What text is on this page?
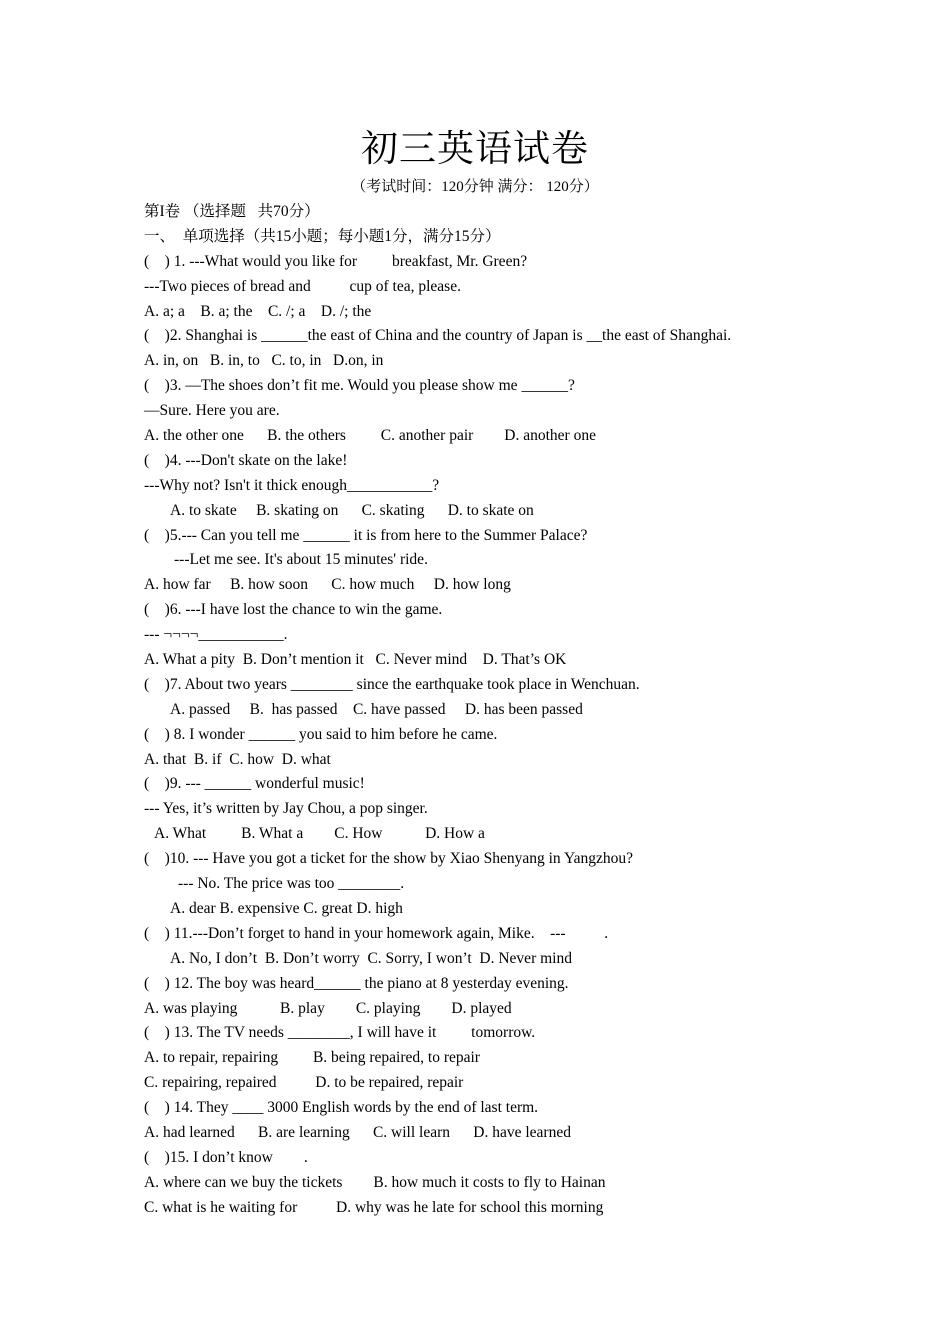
初三英语试卷
（考试时间：120分钟 满分： 120分）
第I卷 （选择题   共70分）
一、  单项选择（共15小题；每小题1分，满分15分）
(    ) 1. ---What would you like for         breakfast, Mr. Green?
---Two pieces of bread and          cup of tea, please.
A. a; a    B. a; the    C. /; a    D. /; the
(    )2. Shanghai is ______the east of China and the country of Japan is __the east of Shanghai.
A. in, on   B. in, to   C. to, in   D.on, in
(    )3. —The shoes don’t fit me. Would you please show me ______?
—Sure. Here you are.
A. the other one      B. the others         C. another pair        D. another one
(    )4. ---Don't skate on the lake!
---Why not? Isn't it thick enough___________?
A. to skate     B. skating on      C. skating      D. to skate on
(    )5.--- Can you tell me ______ it is from here to the Summer Palace?
---Let me see. It's about 15 minutes' ride.
A. how far     B. how soon      C. how much     D. how long
(    )6. ---I have lost the chance to win the game.
--- ¬¬¬¬___________.
A. What a pity  B. Don’t mention it   C. Never mind    D. That’s OK
(    )7. About two years ________ since the earthquake took place in Wenchuan.
A. passed     B.  has passed    C. have passed     D. has been passed
(    ) 8. I wonder ______ you said to him before he came.
A. that  B. if  C. how  D. what
(    )9. --- ______ wonderful music!
--- Yes, it’s written by Jay Chou, a pop singer.
A. What         B. What a        C. How           D. How a
(    )10. --- Have you got a ticket for the show by Xiao Shenyang in Yangzhou?
--- No. The price was too ________.
A. dear B. expensive C. great D. high
(    ) 11.---Don’t forget to hand in your homework again, Mike.    ---          .
A. No, I don’t  B. Don’t worry  C. Sorry, I won’t  D. Never mind
(    ) 12. The boy was heard______ the piano at 8 yesterday evening.
A. was playing           B. play        C. playing        D. played
(    ) 13. The TV needs ________, I will have it         tomorrow.
A. to repair, repairing         B. being repaired, to repair
C. repairing, repaired          D. to be repaired, repair
(    ) 14. They ____ 3000 English words by the end of last term.
A. had learned      B. are learning      C. will learn      D. have learned
(    )15. I don’t know        .
A. where can we buy the tickets        B. how much it costs to fly to Hainan
C. what is he waiting for          D. why was he late for school this morning
